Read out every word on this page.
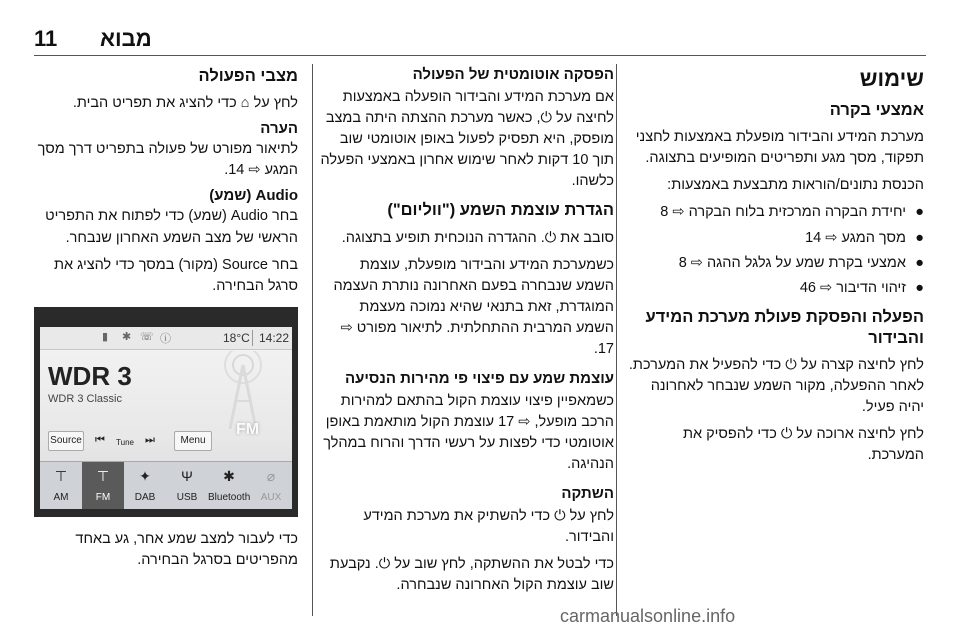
11 מבוא
שימוש
אמצעי בקרה

מערכת המידע והבידור מופעלת באמצעות לחצני תפקוד, מסך מגע ותפריטים המופיעים בתצוגה.

הכנסת נתונים/הוראות מתבצעת באמצעות:

●
יחידת הבקרה המרכזית בלוח הבקרה ⇨ 8
●
מסך המגע ⇨ 14
●
אמצעי בקרת שמע על גלגל ההגה ⇨ 8
●
זיהוי הדיבור ⇨ 46
הפעלה והפסקת פעולת מערכת המידע והבידור

לחץ לחיצה קצרה על ⏻ כדי להפעיל את המערכת. לאחר ההפעלה, מקור השמע שנבחר לאחרונה יהיה פעיל.

לחץ לחיצה ארוכה על ⏻ כדי להפסיק את המערכת.

הפסקה אוטומטית של הפעולה

אם מערכת המידע והבידור הופעלה באמצעות לחיצה על ⏻, כאשר מערכת ההצתה היתה במצב מופסק, היא תפסיק לפעול באופן אוטומטי שוב תוך 10 דקות לאחר שימוש אחרון באמצעי הפעלה כלשהו.

הגדרת עוצמת השמע ("ווליום")

סובב את ⏻. ההגדרה הנוכחית תופיע בתצוגה.

כשמערכת המידע והבידור מופעלת, עוצמת השמע שנבחרה בפעם האחרונה נותרת העצמה המוגדרת, זאת בתנאי שהיא נמוכה מעצמת השמע המרבית ההתחלתית. לתיאור מפורט ⇨ 17.

עוצמת שמע עם פיצוי פי מהירות הנסיעה

כשמאפיין פיצוי עוצמת הקול בהתאם למהירות הרכב מופעל, ⇨ 17 עוצמת הקול מותאמת באופן אוטומטי כדי לפצות על רעשי הדרך והרוח במהלך הנהיגה.

השתקה

לחץ על ⏻ כדי להשתיק את מערכת המידע והבידור.

כדי לבטל את ההשתקה, לחץ שוב על ⏻. נקבעת שוב עוצמת הקול האחרונה שנבחרה.

מצבי הפעולה

לחץ על ⌂ כדי להציג את תפריט הבית.

הערה

לתיאור מפורט של פעולה בתפריט דרך מסך המגע ⇨ 14.

Audio (שמע)

בחר Audio (שמע) כדי לפתוח את התפריט הראשי של מצב השמע האחרון שנבחר.

בחר Source (מקור) במסך כדי להציג את סרגל הבחירה.

▮ ✱ ☏ ⓘ	18°C 14:22
WDR 3
WDR 3 Classic
FM
Source ⏮	Tune	⏭	Menu
⊤
AM
⊤
FM
✦
DAB
Ψ
USB
✱
Bluetooth
⌀
AUX

כדי לעבור למצב שמע אחר, גע באחד מהפריטים בסרגל הבחירה.

carmanualsonline.info
